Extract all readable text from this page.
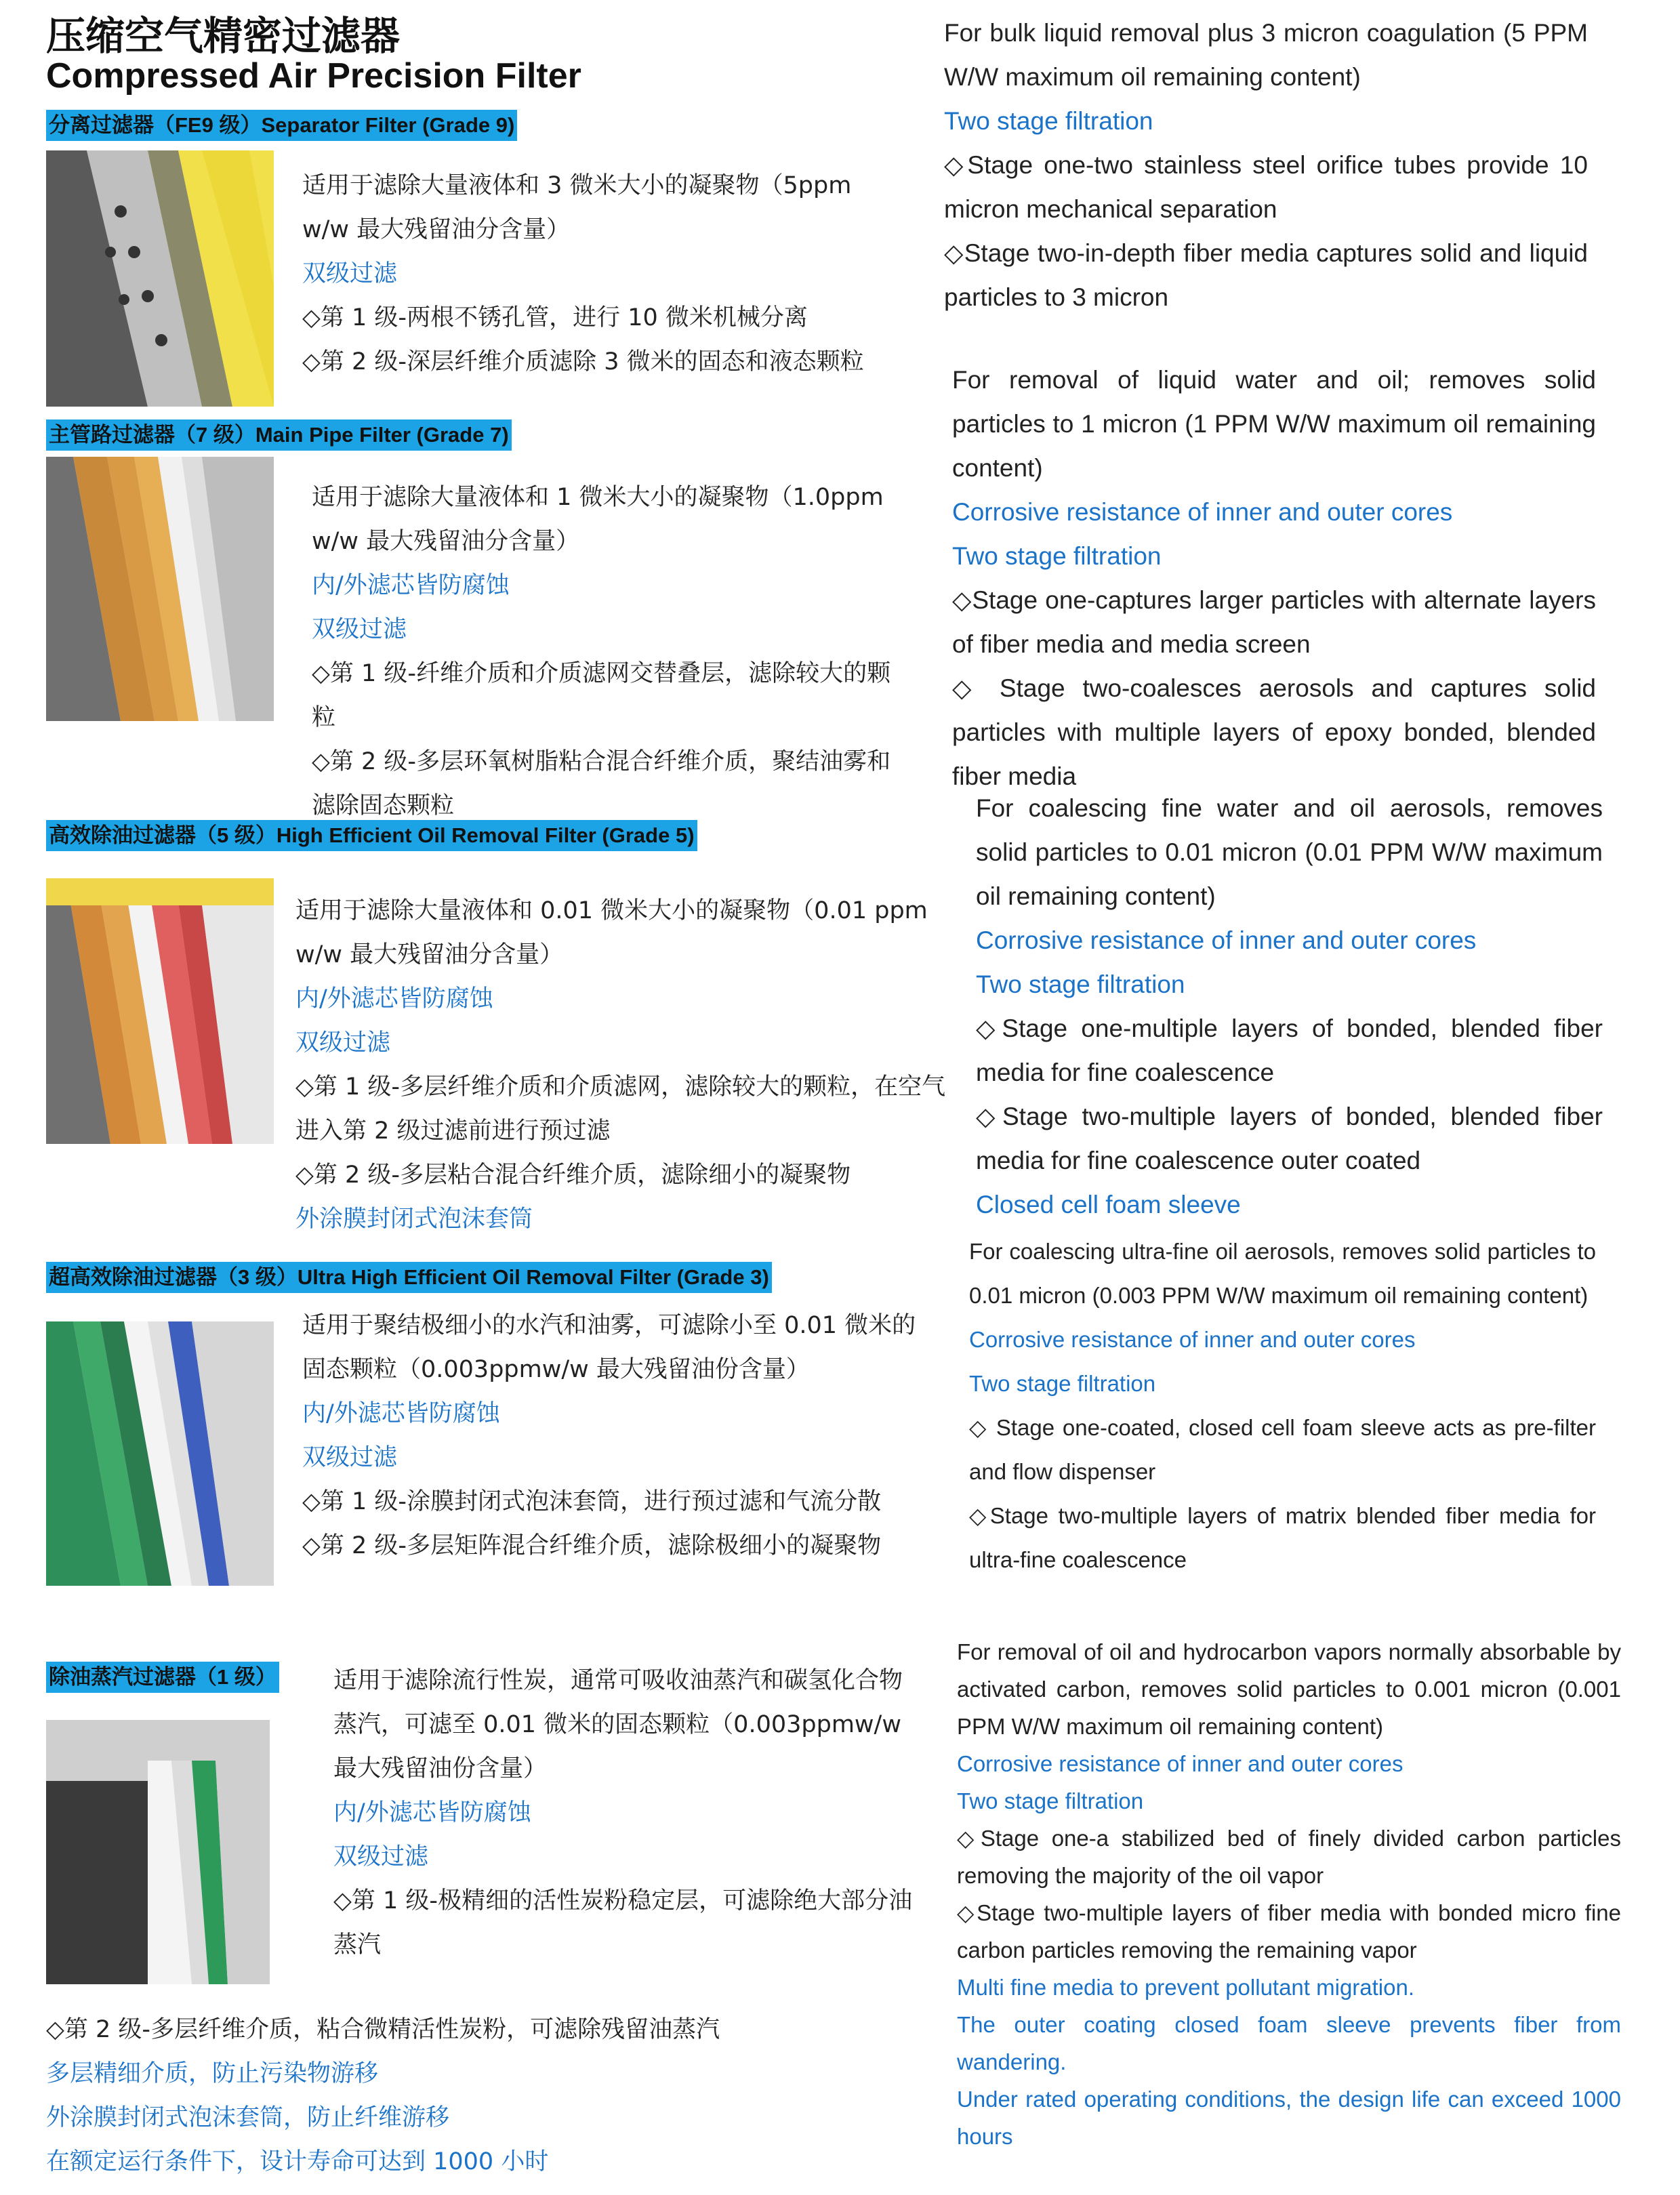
压缩空气精密过滤器
Compressed Air Precision Filter
分离过滤器（FE9 级）Separator Filter (Grade 9)
适用于滤除大量液体和 3 微米大小的凝聚物（5ppm w/w 最大残留油分含量）
双级过滤
◇第 1 级-两根不锈孔管，进行 10 微米机械分离
◇第 2 级-深层纤维介质滤除 3 微米的固态和液态颗粒
For bulk liquid removal plus 3 micron coagulation (5 PPM W/W maximum oil remaining content)
Two stage filtration
◇Stage one-two stainless steel orifice tubes provide 10 micron mechanical separation
◇Stage two-in-depth fiber media captures solid and liquid particles to 3 micron
主管路过滤器（7 级）Main Pipe Filter (Grade 7)
适用于滤除大量液体和 1 微米大小的凝聚物（1.0ppm w/w 最大残留油分含量）
内/外滤芯皆防腐蚀
双级过滤
◇第 1 级-纤维介质和介质滤网交替叠层，滤除较大的颗粒
◇第 2 级-多层环氧树脂粘合混合纤维介质，聚结油雾和滤除固态颗粒
For removal of liquid water and oil; removes solid particles to 1 micron (1 PPM W/W maximum oil remaining content)
Corrosive resistance of inner and outer cores
Two stage filtration
◇Stage one-captures larger particles with alternate layers of fiber media and media screen
◇ Stage two-coalesces aerosols and captures solid particles with multiple layers of epoxy bonded, blended fiber media
高效除油过滤器（5 级）High Efficient Oil Removal Filter (Grade 5)
适用于滤除大量液体和 0.01 微米大小的凝聚物（0.01 ppm w/w 最大残留油分含量）
内/外滤芯皆防腐蚀
双级过滤
◇第 1 级-多层纤维介质和介质滤网，滤除较大的颗粒，在空气进入第 2 级过滤前进行预过滤
◇第 2 级-多层粘合混合纤维介质，滤除细小的凝聚物
外涂膜封闭式泡沫套筒
For coalescing fine water and oil aerosols, removes solid particles to 0.01 micron (0.01 PPM W/W maximum oil remaining content)
Corrosive resistance of inner and outer cores
Two stage filtration
◇Stage one-multiple layers of bonded, blended fiber media for fine coalescence
◇Stage two-multiple layers of bonded, blended fiber media for fine coalescence outer coated
Closed cell foam sleeve
超高效除油过滤器（3 级）Ultra High Efficient Oil Removal Filter (Grade 3)
适用于聚结极细小的水汽和油雾，可滤除小至 0.01 微米的固态颗粒（0.003ppmw/w 最大残留油份含量）
内/外滤芯皆防腐蚀
双级过滤
◇第 1 级-涂膜封闭式泡沫套筒，进行预过滤和气流分散
◇第 2 级-多层矩阵混合纤维介质，滤除极细小的凝聚物
For coalescing ultra-fine oil aerosols, removes solid particles to 0.01 micron (0.003 PPM W/W maximum oil remaining content)
Corrosive resistance of inner and outer cores
Two stage filtration
◇ Stage one-coated, closed cell foam sleeve acts as pre-filter and flow dispenser
◇Stage two-multiple layers of matrix blended fiber media for ultra-fine coalescence
除油蒸汽过滤器（1 级） 适用于滤除流行性炭，通常可吸收油蒸汽和碳氢化合物蒸汽，可滤至 0.01 微米的固态颗粒（0.003ppmw/w 最大残留油份含量）
内/外滤芯皆防腐蚀
双级过滤
◇第 1 级-极精细的活性炭粉稳定层，可滤除绝大部分油蒸汽
◇第 2 级-多层纤维介质，粘合微精活性炭粉，可滤除残留油蒸汽
多层精细介质，防止污染物游移
外涂膜封闭式泡沫套筒，防止纤维游移
在额定运行条件下，设计寿命可达到 1000 小时
For removal of oil and hydrocarbon vapors normally absorbable by activated carbon, removes solid particles to 0.001 micron (0.001 PPM W/W maximum oil remaining content)
Corrosive resistance of inner and outer cores
Two stage filtration
◇Stage one-a stabilized bed of finely divided carbon particles removing the majority of the oil vapor
◇Stage two-multiple layers of fiber media with bonded micro fine carbon particles removing the remaining vapor
Multi fine media to prevent pollutant migration.
The outer coating closed foam sleeve prevents fiber from wandering.
Under rated operating conditions, the design life can exceed 1000 hours
